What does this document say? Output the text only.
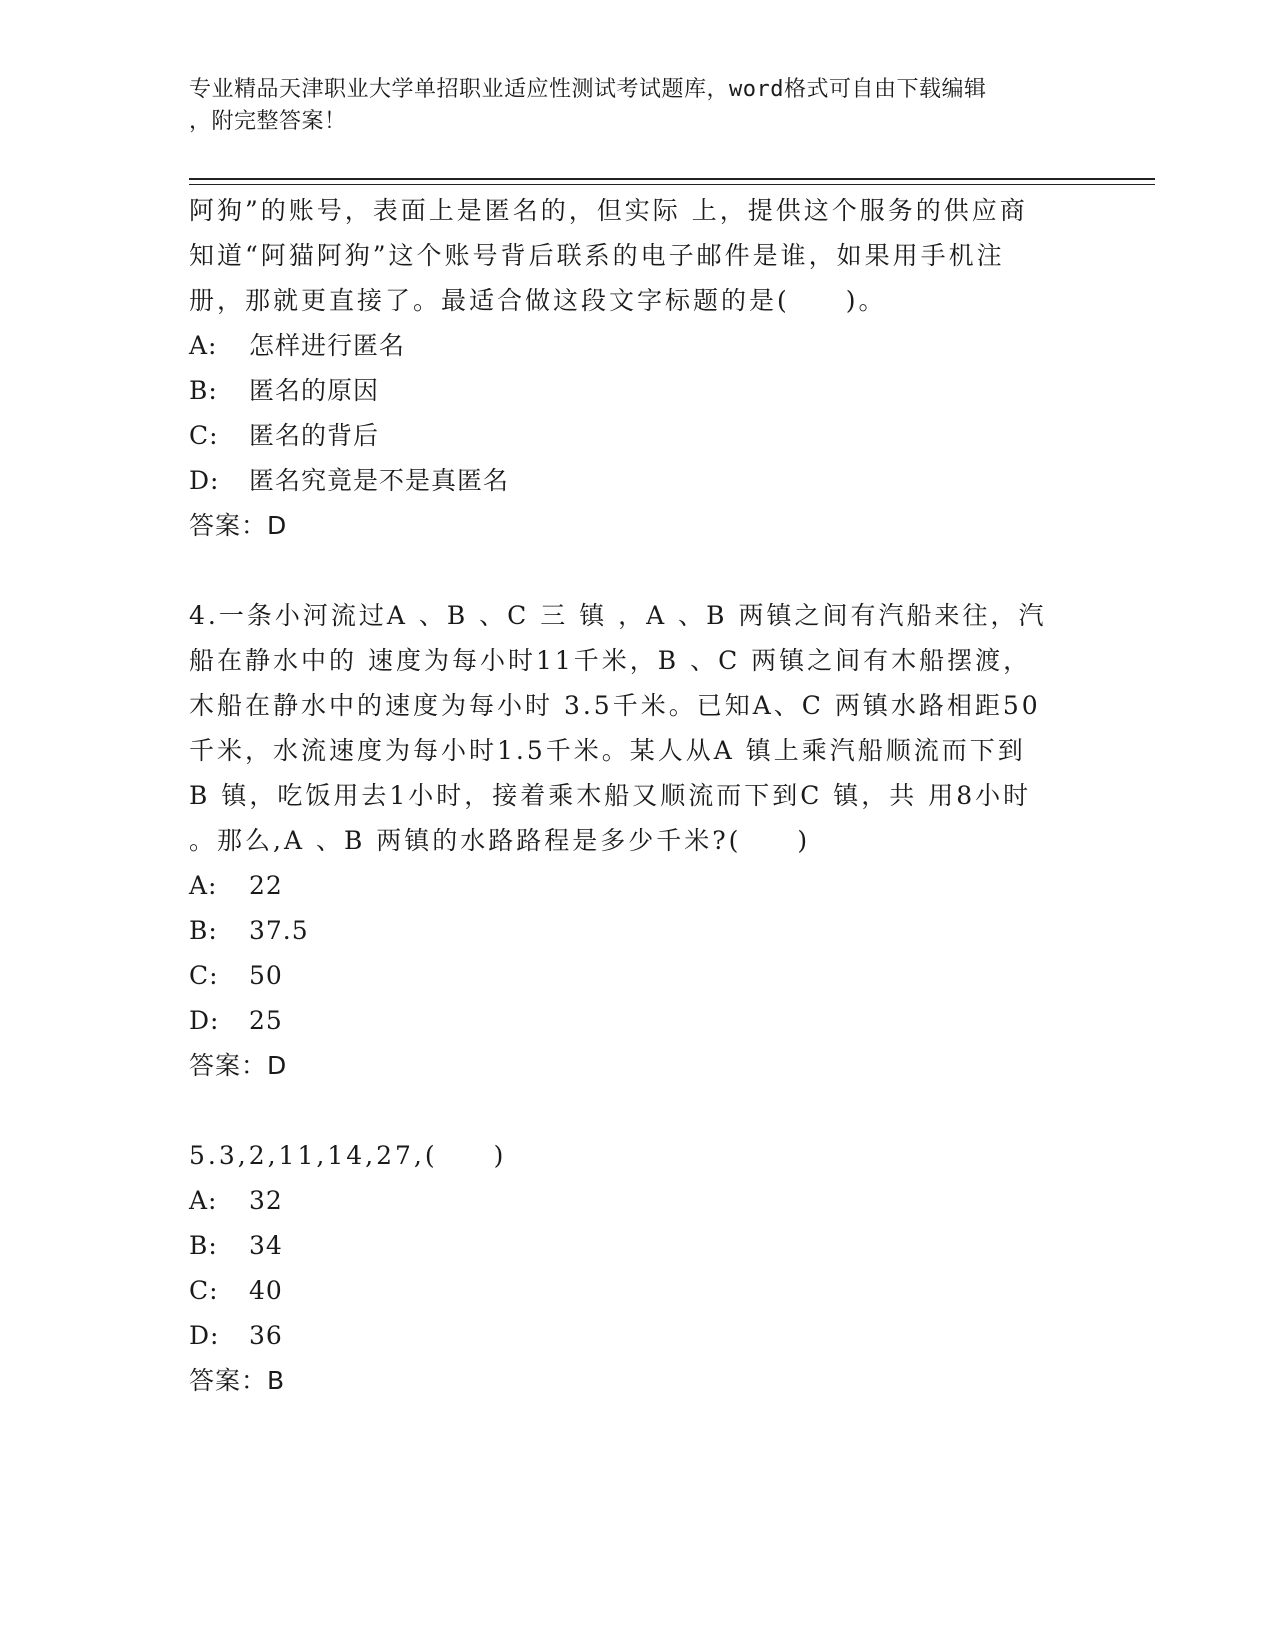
专业精品天津职业大学单招职业适应性测试考试题库，word格式可自由下载编辑
，附完整答案！
阿狗”的账号，表面上是匿名的，但实际 上，提供这个服务的供应商
知道“阿猫阿狗”这个账号背后联系的电子邮件是谁，如果用手机注
册，那就更直接了。最适合做这段文字标题的是(　　)。
A:	怎样进行匿名
B:	匿名的原因
C:	匿名的背后
D:	匿名究竟是不是真匿名
答案：D
4.一条小河流过A 、B 、C 三 镇 ，A 、B 两镇之间有汽船来往，汽
船在静水中的 速度为每小时11千米，B 、C 两镇之间有木船摆渡，
木船在静水中的速度为每小时 3.5千米。已知A、C 两镇水路相距50
千米，水流速度为每小时1.5千米。某人从A 镇上乘汽船顺流而下到
B 镇，吃饭用去1小时，接着乘木船又顺流而下到C 镇，共 用8小时
。那么,A 、B 两镇的水路路程是多少千米?(　　)
A:	22
B:	37.5
C:	50
D:	25
答案：D
5.3,2,11,14,27,(　　)
A:	32
B:	34
C:	40
D:	36
答案：B
